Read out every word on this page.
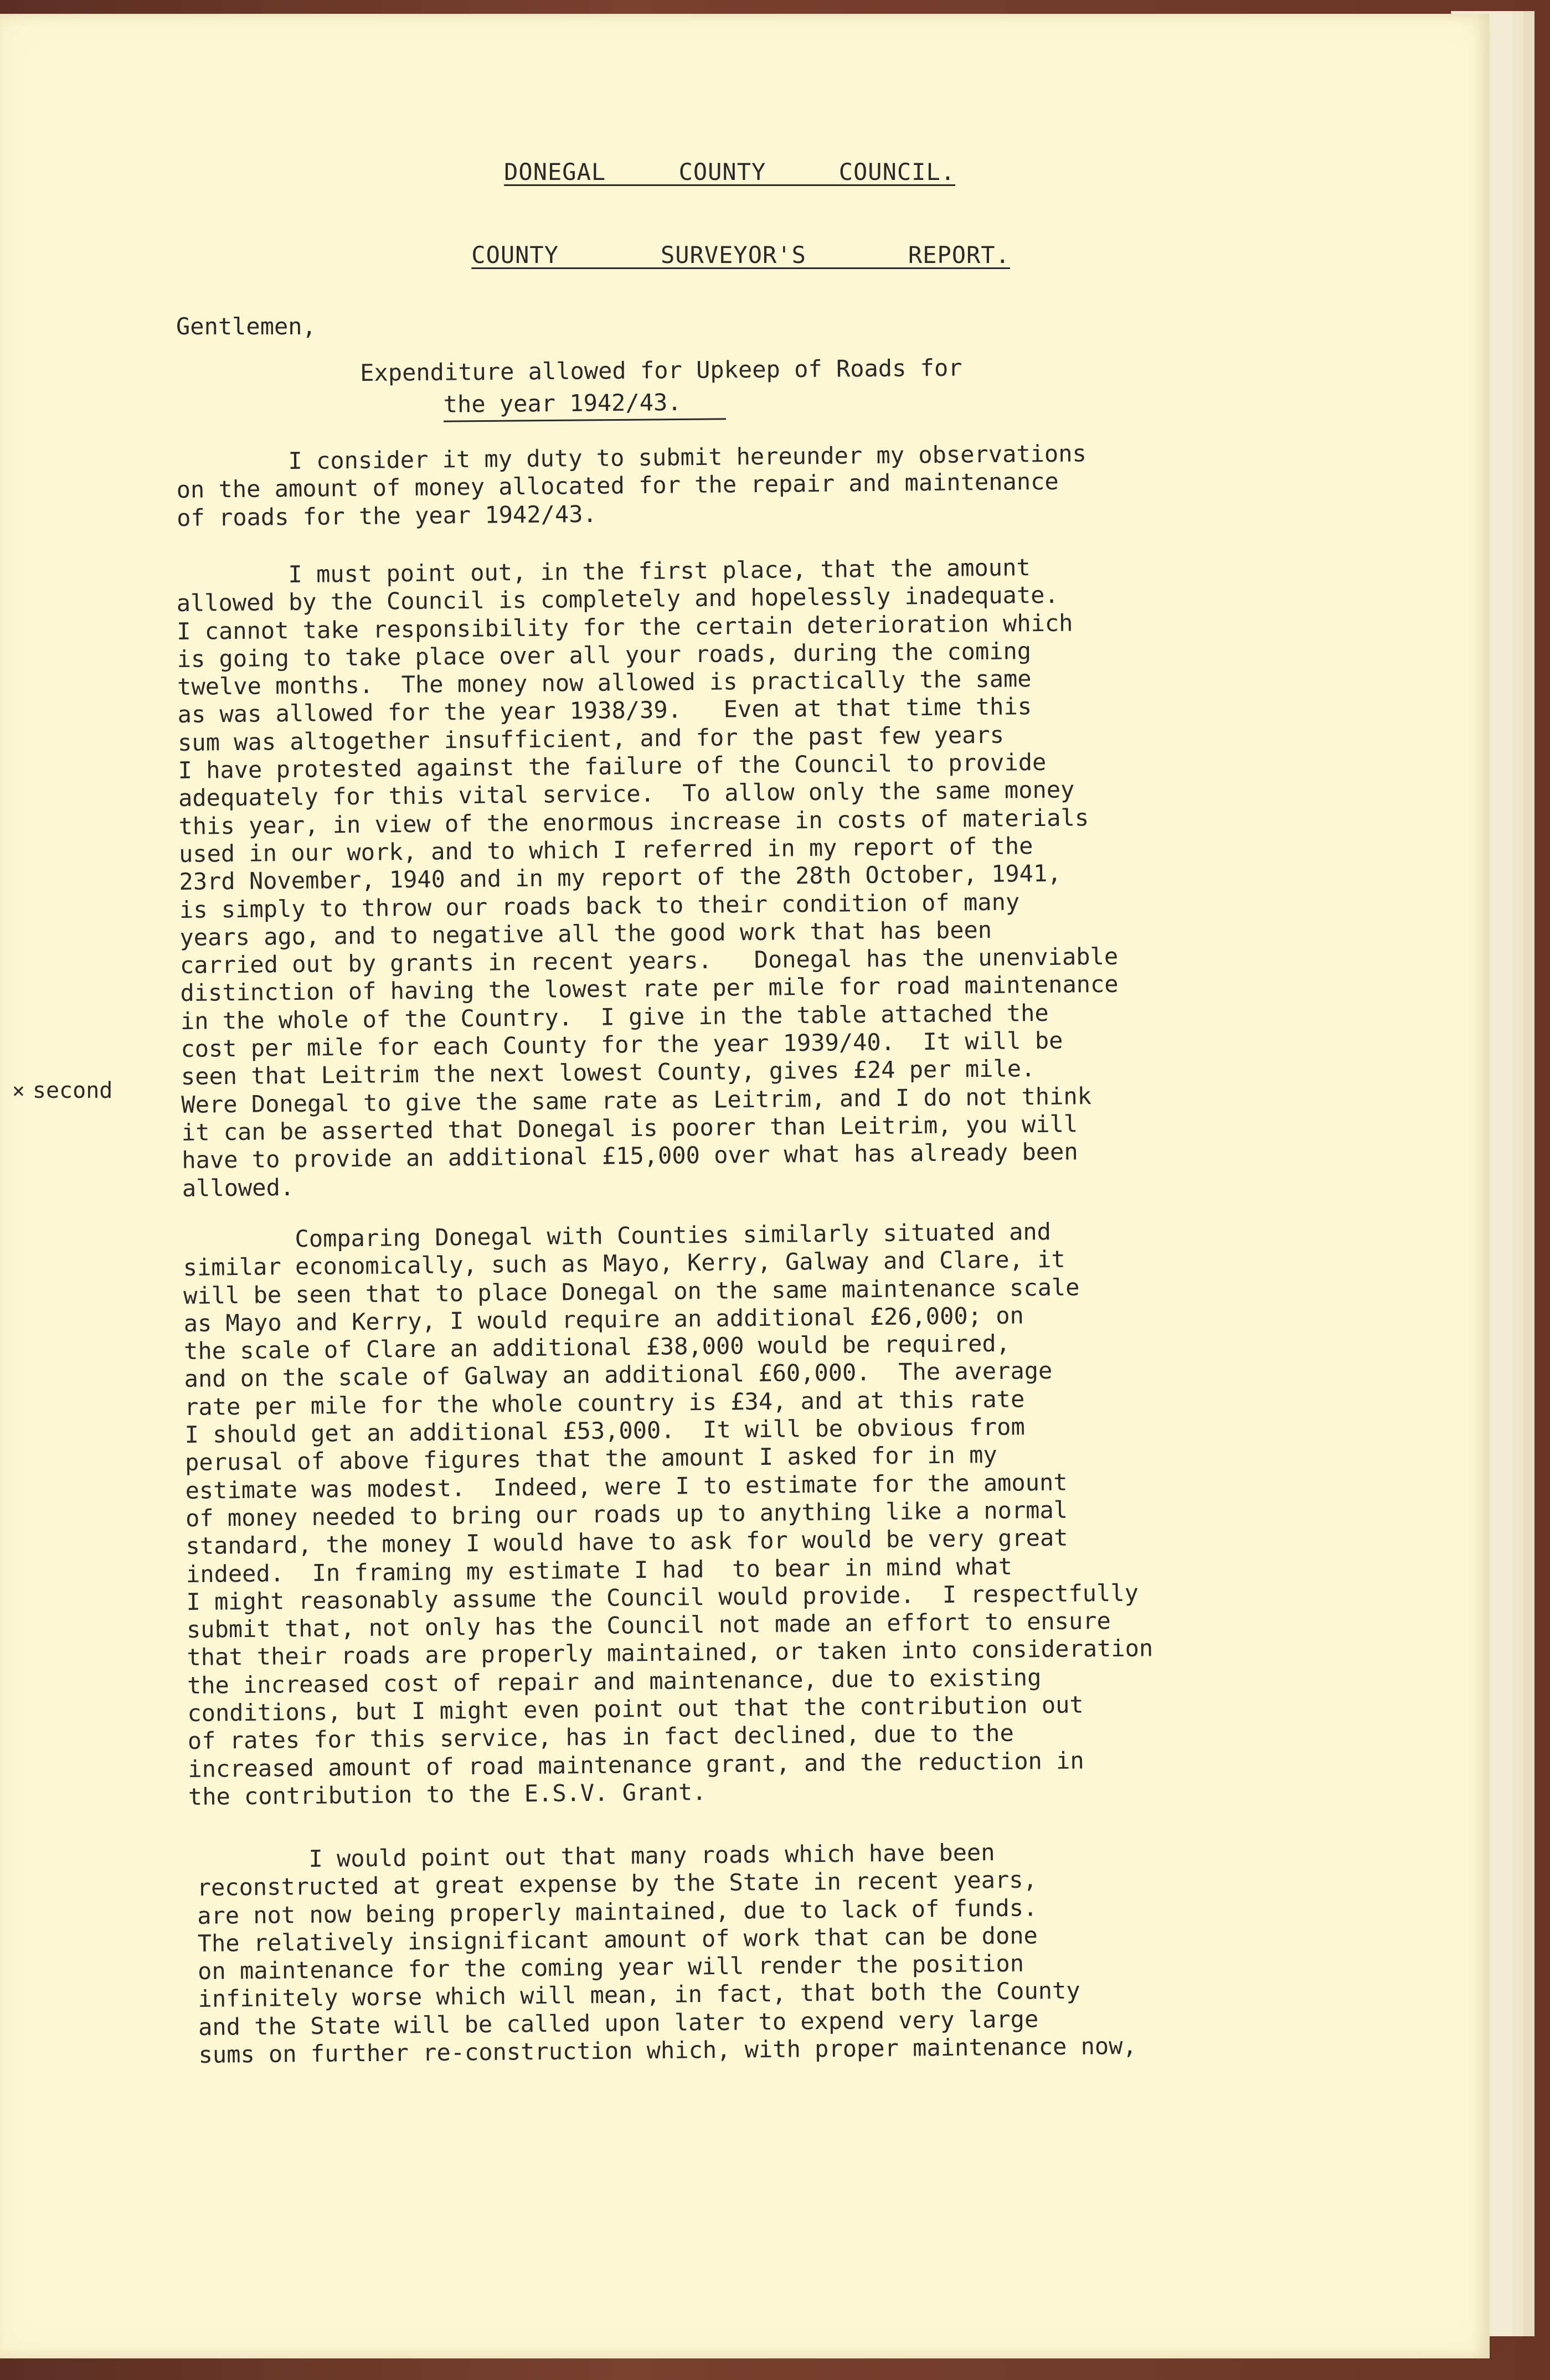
DONEGAL     COUNTY     COUNCIL.

COUNTY       SURVEYOR'S       REPORT.

Gentlemen,
Expenditure allowed for Upkeep of Roads for
the year 1942/43.
I consider it my duty to submit hereunder my observations
on the amount of money allocated for the repair and maintenance
of roads for the year 1942/43.
I must point out, in the first place, that the amount
allowed by the Council is completely and hopelessly inadequate.
I cannot take responsibility for the certain deterioration which
is going to take place over all your roads, during the coming
twelve months.  The money now allowed is practically the same
as was allowed for the year 1938/39.   Even at that time this
sum was altogether insufficient, and for the past few years
I have protested against the failure of the Council to provide
adequately for this vital service.  To allow only the same money
this year, in view of the enormous increase in costs of materials
used in our work, and to which I referred in my report of the
23rd November, 1940 and in my report of the 28th October, 1941,
is simply to throw our roads back to their condition of many
years ago, and to negative all the good work that has been
carried out by grants in recent years.   Donegal has the unenviable
distinction of having the lowest rate per mile for road maintenance
in the whole of the Country.  I give in the table attached the
cost per mile for each County for the year 1939/40.  It will be
seen that Leitrim the next lowest County, gives £24 per mile.
Were Donegal to give the same rate as Leitrim, and I do not think
it can be asserted that Donegal is poorer than Leitrim, you will
have to provide an additional £15,000 over what has already been
allowed.
Comparing Donegal with Counties similarly situated and
similar economically, such as Mayo, Kerry, Galway and Clare, it
will be seen that to place Donegal on the same maintenance scale
as Mayo and Kerry, I would require an additional £26,000; on
the scale of Clare an additional £38,000 would be required,
and on the scale of Galway an additional £60,000.  The average
rate per mile for the whole country is £34, and at this rate
I should get an additional £53,000.  It will be obvious from
perusal of above figures that the amount I asked for in my
estimate was modest.  Indeed, were I to estimate for the amount
of money needed to bring our roads up to anything like a normal
standard, the money I would have to ask for would be very great
indeed.  In framing my estimate I had  to bear in mind what
I might reasonably assume the Council would provide.  I respectfully
submit that, not only has the Council not made an effort to ensure
that their roads are properly maintained, or taken into consideration
the increased cost of repair and maintenance, due to existing
conditions, but I might even point out that the contribution out
of rates for this service, has in fact declined, due to the
increased amount of road maintenance grant, and the reduction in
the contribution to the E.S.V. Grant.
I would point out that many roads which have been
reconstructed at great expense by the State in recent years,
are not now being properly maintained, due to lack of funds.
The relatively insignificant amount of work that can be done
on maintenance for the coming year will render the position
infinitely worse which will mean, in fact, that both the County
and the State will be called upon later to expend very large
sums on further re-construction which, with proper maintenance now,
× second
